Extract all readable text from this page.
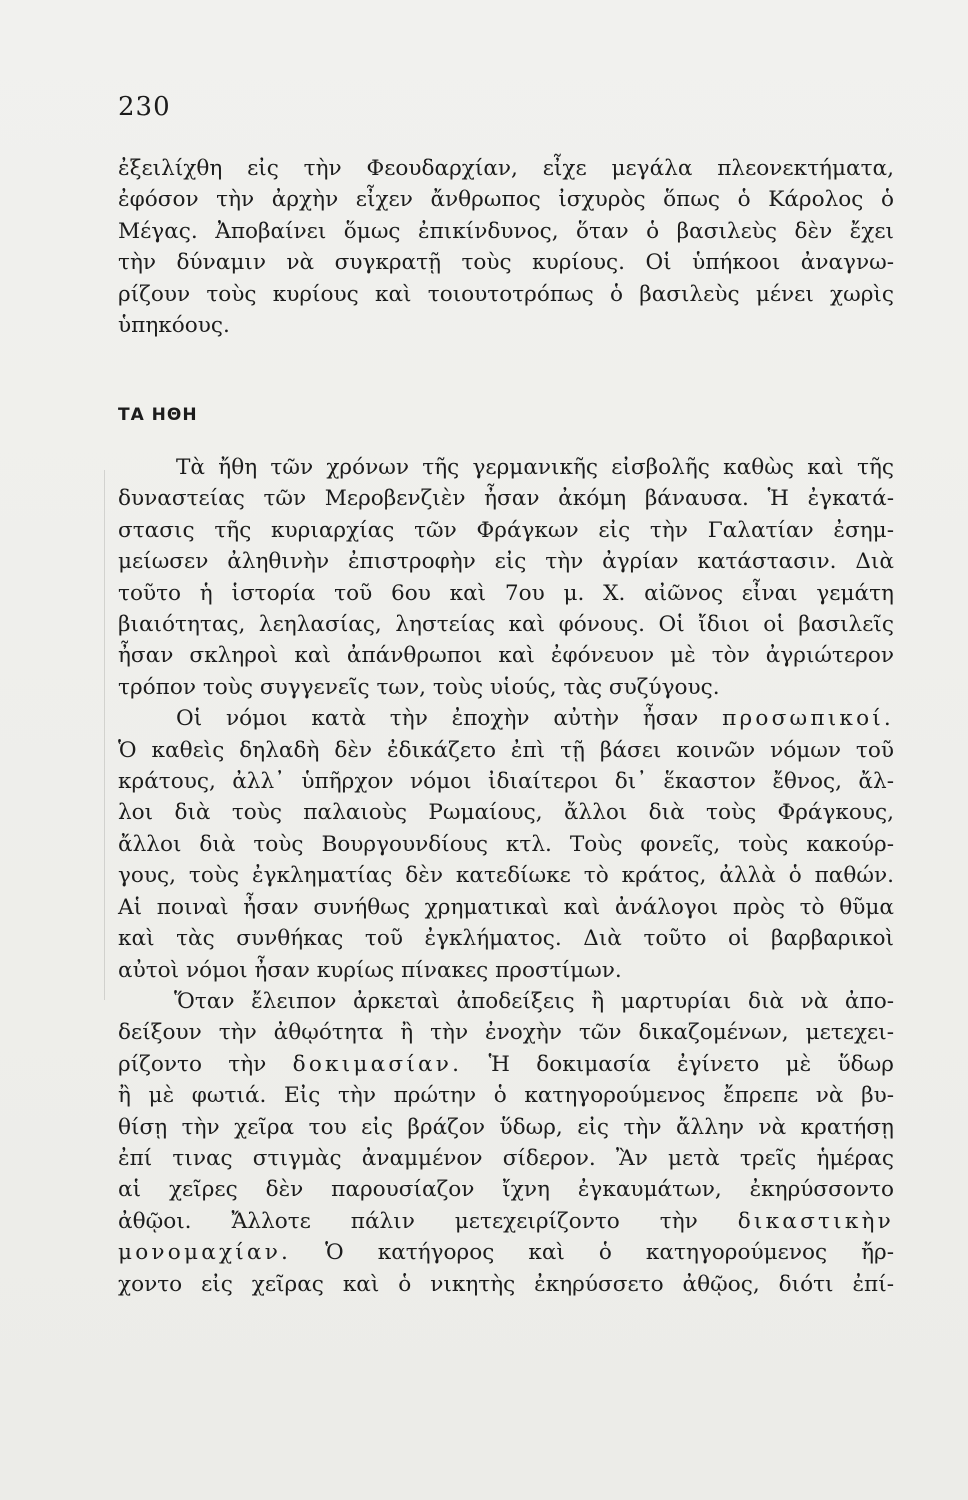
230
ἐξειλίχθη εἰς τὴν Φεουδαρχίαν, εἶχε μεγάλα πλεονεκτήματα,
ἐφόσον τὴν ἀρχὴν εἶχεν ἄνθρωπος ἰσχυρὸς ὅπως ὁ Κάρολος ὁ
Μέγας. Ἀποβαίνει ὅμως ἐπικίνδυνος, ὅταν ὁ βασιλεὺς δὲν ἔχει
τὴν δύναμιν νὰ συγκρατῇ τοὺς κυρίους. Οἱ ὑπήκοοι ἀναγνω-
ρίζουν τοὺς κυρίους καὶ τοιουτοτρόπως ὁ βασιλεὺς μένει χωρὶς
ὑπηκόους.
ΤΑ ΗΘΗ
Τὰ ἤθη τῶν χρόνων τῆς γερμανικῆς εἰσβολῆς καθὼς καὶ τῆς
δυναστείας τῶν Μεροβενζιὲν ἦσαν ἀκόμη βάναυσα. Ἡ ἐγκατά-
στασις τῆς κυριαρχίας τῶν Φράγκων εἰς τὴν Γαλατίαν ἐσημ-
μείωσεν ἀληθινὴν ἐπιστροφὴν εἰς τὴν ἀγρίαν κατάστασιν. Διὰ
τοῦτο ἡ ἱστορία τοῦ 6ου καὶ 7ου μ. Χ. αἰῶνος εἶναι γεμάτη
βιαιότητας, λεηλασίας, ληστείας καὶ φόνους. Οἱ ἴδιοι οἱ βασιλεῖς
ἦσαν σκληροὶ καὶ ἀπάνθρωποι καὶ ἐφόνευον μὲ τὸν ἀγριώτερον
τρόπον τοὺς συγγενεῖς των, τοὺς υἱούς, τὰς συζύγους.
Οἱ νόμοι κατὰ τὴν ἐποχὴν αὐτὴν ἦσαν προσωπικοί.
Ὁ καθεὶς δηλαδὴ δὲν ἐδικάζετο ἐπὶ τῇ βάσει κοινῶν νόμων τοῦ
κράτους, ἀλλ᾽ ὑπῆρχον νόμοι ἰδιαίτεροι δι᾽ ἕκαστον ἔθνος, ἄλ-
λοι διὰ τοὺς παλαιοὺς Ρωμαίους, ἄλλοι διὰ τοὺς Φράγκους,
ἄλλοι διὰ τοὺς Βουργουνδίους κτλ. Τοὺς φονεῖς, τοὺς κακούρ-
γους, τοὺς ἐγκληματίας δὲν κατεδίωκε τὸ κράτος, ἀλλὰ ὁ παθών.
Αἱ ποιναὶ ἦσαν συνήθως χρηματικαὶ καὶ ἀνάλογοι πρὸς τὸ θῦμα
καὶ τὰς συνθήκας τοῦ ἐγκλήματος. Διὰ τοῦτο οἱ βαρβαρικοὶ
αὐτοὶ νόμοι ἦσαν κυρίως πίνακες προστίμων.
Ὅταν ἔλειπον ἀρκεταὶ ἀποδείξεις ἢ μαρτυρίαι διὰ νὰ ἀπο-
δείξουν τὴν ἀθῳότητα ἢ τὴν ἐνοχὴν τῶν δικαζομένων, μετεχει-
ρίζοντο τὴν δοκιμασίαν. Ἡ δοκιμασία ἐγίνετο μὲ ὕδωρ
ἢ μὲ φωτιά. Εἰς τὴν πρώτην ὁ κατηγορούμενος ἔπρεπε νὰ βυ-
θίσῃ τὴν χεῖρα του εἰς βράζον ὕδωρ, εἰς τὴν ἄλλην νὰ κρατήσῃ
ἐπί τινας στιγμὰς ἀναμμένον σίδερον. Ἂν μετὰ τρεῖς ἡμέρας
αἱ χεῖρες δὲν παρουσίαζον ἴχνη ἐγκαυμάτων, ἐκηρύσσοντο
ἀθῷοι. Ἄλλοτε πάλιν μετεχειρίζοντο τὴν δικαστικὴν
μονομαχίαν. Ὁ κατήγορος καὶ ὁ κατηγορούμενος ἤρ-
χοντο εἰς χεῖρας καὶ ὁ νικητὴς ἐκηρύσσετο ἀθῷος, διότι ἐπί-
